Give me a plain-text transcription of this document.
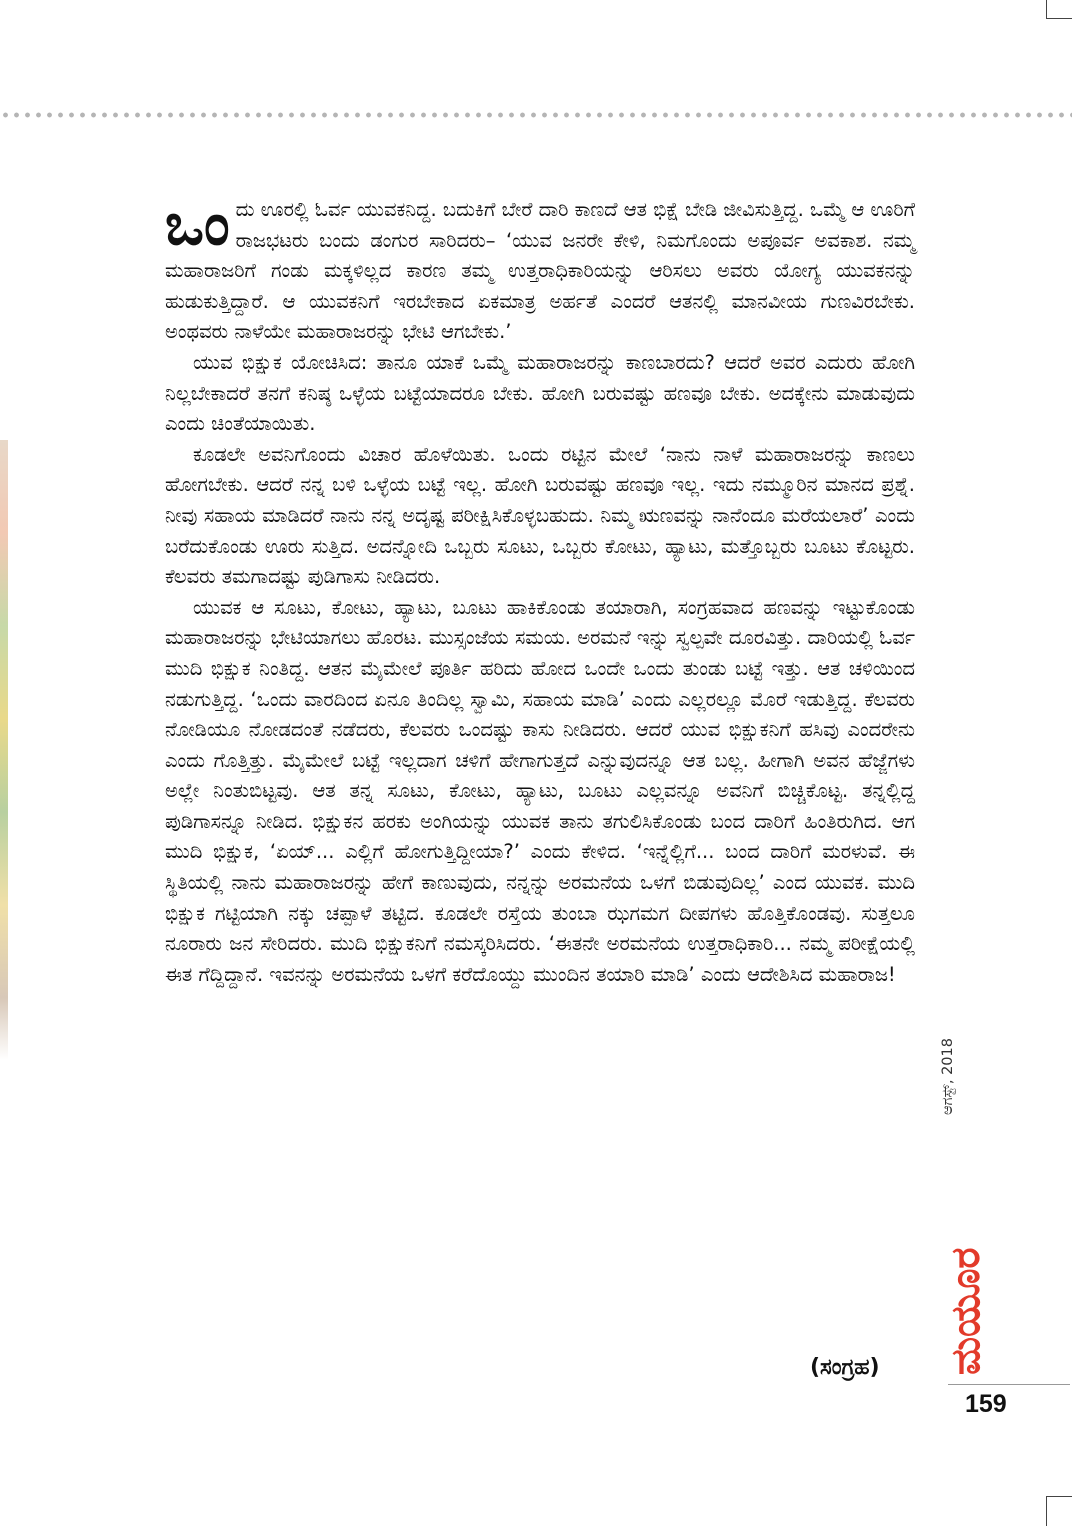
ಒಂದು ಊರಲ್ಲಿ ಓರ್ವ ಯುವಕನಿದ್ದ. ಬದುಕಿಗೆ ಬೇರೆ ದಾರಿ ಕಾಣದೆ ಆತ ಭಿಕ್ಷೆ ಬೇಡಿ ಜೀವಿಸುತ್ತಿದ್ದ. ಒಮ್ಮೆ ಆ ಊರಿಗೆ ರಾಜಭಟರು ಬಂದು ಡಂಗುರ ಸಾರಿದರು– ‘ಯುವ ಜನರೇ ಕೇಳಿ, ನಿಮಗೊಂದು ಅಪೂರ್ವ ಅವಕಾಶ. ನಮ್ಮ ಮಹಾರಾಜರಿಗೆ ಗಂಡು ಮಕ್ಕಳಿಲ್ಲದ ಕಾರಣ ತಮ್ಮ ಉತ್ತರಾಧಿಕಾರಿಯನ್ನು ಆರಿಸಲು ಅವರು ಯೋಗ್ಯ ಯುವಕನನ್ನು ಹುಡುಕುತ್ತಿದ್ದಾರೆ. ಆ ಯುವಕನಿಗೆ ಇರಬೇಕಾದ ಏಕಮಾತ್ರ ಅರ್ಹತೆ ಎಂದರೆ ಆತನಲ್ಲಿ ಮಾನವೀಯ ಗುಣವಿರಬೇಕು. ಅಂಥವರು ನಾಳೆಯೇ ಮಹಾರಾಜರನ್ನು ಭೇಟಿ ಆಗಬೇಕು.’

ಯುವ ಭಿಕ್ಷುಕ ಯೋಚಿಸಿದ: ತಾನೂ ಯಾಕೆ ಒಮ್ಮೆ ಮಹಾರಾಜರನ್ನು ಕಾಣಬಾರದು? ಆದರೆ ಅವರ ಎದುರು ಹೋಗಿ ನಿಲ್ಲಬೇಕಾದರೆ ತನಗೆ ಕನಿಷ್ಠ ಒಳ್ಳೆಯ ಬಟ್ಟೆಯಾದರೂ ಬೇಕು. ಹೋಗಿ ಬರುವಷ್ಟು ಹಣವೂ ಬೇಕು. ಅದಕ್ಕೇನು ಮಾಡುವುದು ಎಂದು ಚಿಂತೆಯಾಯಿತು.

ಕೂಡಲೇ ಅವನಿಗೊಂದು ವಿಚಾರ ಹೊಳೆಯಿತು. ಒಂದು ರಟ್ಟಿನ ಮೇಲೆ ‘ನಾನು ನಾಳೆ ಮಹಾರಾಜರನ್ನು ಕಾಣಲು ಹೋಗಬೇಕು. ಆದರೆ ನನ್ನ ಬಳಿ ಒಳ್ಳೆಯ ಬಟ್ಟೆ ಇಲ್ಲ. ಹೋಗಿ ಬರುವಷ್ಟು ಹಣವೂ ಇಲ್ಲ. ಇದು ನಮ್ಮೂರಿನ ಮಾನದ ಪ್ರಶ್ನೆ. ನೀವು ಸಹಾಯ ಮಾಡಿದರೆ ನಾನು ನನ್ನ ಅದೃಷ್ಟ ಪರೀಕ್ಷಿಸಿಕೊಳ್ಳಬಹುದು. ನಿಮ್ಮ ಋಣವನ್ನು ನಾನೆಂದೂ ಮರೆಯಲಾರೆ’ ಎಂದು ಬರೆದುಕೊಂಡು ಊರು ಸುತ್ತಿದ. ಅದನ್ನೋದಿ ಒಬ್ಬರು ಸೂಟು, ಒಬ್ಬರು ಕೋಟು, ಹ್ಯಾಟು, ಮತ್ತೊಬ್ಬರು ಬೂಟು ಕೊಟ್ಟರು. ಕೆಲವರು ತಮಗಾದಷ್ಟು ಪುಡಿಗಾಸು ನೀಡಿದರು.

ಯುವಕ ಆ ಸೂಟು, ಕೋಟು, ಹ್ಯಾಟು, ಬೂಟು ಹಾಕಿಕೊಂಡು ತಯಾರಾಗಿ, ಸಂಗ್ರಹವಾದ ಹಣವನ್ನು ಇಟ್ಟುಕೊಂಡು ಮಹಾರಾಜರನ್ನು ಭೇಟಿಯಾಗಲು ಹೊರಟ. ಮುಸ್ಸಂಜೆಯ ಸಮಯ. ಅರಮನೆ ಇನ್ನು ಸ್ವಲ್ಪವೇ ದೂರವಿತ್ತು. ದಾರಿಯಲ್ಲಿ ಓರ್ವ ಮುದಿ ಭಿಕ್ಷುಕ ನಿಂತಿದ್ದ. ಆತನ ಮೈಮೇಲೆ ಪೂರ್ತಿ ಹರಿದು ಹೋದ ಒಂದೇ ಒಂದು ತುಂಡು ಬಟ್ಟೆ ಇತ್ತು. ಆತ ಚಳಿಯಿಂದ ನಡುಗುತ್ತಿದ್ದ. ‘ಒಂದು ವಾರದಿಂದ ಏನೂ ತಿಂದಿಲ್ಲ ಸ್ವಾಮಿ, ಸಹಾಯ ಮಾಡಿ’ ಎಂದು ಎಲ್ಲರಲ್ಲೂ ಮೊರೆ ಇಡುತ್ತಿದ್ದ. ಕೆಲವರು ನೋಡಿಯೂ ನೋಡದಂತೆ ನಡೆದರು, ಕೆಲವರು ಒಂದಷ್ಟು ಕಾಸು ನೀಡಿದರು. ಆದರೆ ಯುವ ಭಿಕ್ಷುಕನಿಗೆ ಹಸಿವು ಎಂದರೇನು ಎಂದು ಗೊತ್ತಿತ್ತು. ಮೈಮೇಲೆ ಬಟ್ಟೆ ಇಲ್ಲದಾಗ ಚಳಿಗೆ ಹೇಗಾಗುತ್ತದೆ ಎನ್ನುವುದನ್ನೂ ಆತ ಬಲ್ಲ. ಹೀಗಾಗಿ ಅವನ ಹೆಜ್ಜೆಗಳು ಅಲ್ಲೇ ನಿಂತುಬಿಟ್ಟವು. ಆತ ತನ್ನ ಸೂಟು, ಕೋಟು, ಹ್ಯಾಟು, ಬೂಟು ಎಲ್ಲವನ್ನೂ ಅವನಿಗೆ ಬಿಚ್ಚಿಕೊಟ್ಟ. ತನ್ನಲ್ಲಿದ್ದ ಪುಡಿಗಾಸನ್ನೂ ನೀಡಿದ. ಭಿಕ್ಷುಕನ ಹರಕು ಅಂಗಿಯನ್ನು ಯುವಕ ತಾನು ತಗುಲಿಸಿಕೊಂಡು ಬಂದ ದಾರಿಗೆ ಹಿಂತಿರುಗಿದ. ಆಗ ಮುದಿ ಭಿಕ್ಷುಕ, ‘ಏಯ್... ಎಲ್ಲಿಗೆ ಹೋಗುತ್ತಿದ್ದೀಯಾ?’ ಎಂದು ಕೇಳಿದ. ‘ಇನ್ನೆಲ್ಲಿಗೆ... ಬಂದ ದಾರಿಗೆ ಮರಳುವೆ. ಈ ಸ್ಥಿತಿಯಲ್ಲಿ ನಾನು ಮಹಾರಾಜರನ್ನು ಹೇಗೆ ಕಾಣುವುದು, ನನ್ನನ್ನು ಅರಮನೆಯ ಒಳಗೆ ಬಿಡುವುದಿಲ್ಲ’ ಎಂದ ಯುವಕ. ಮುದಿ ಭಿಕ್ಷುಕ ಗಟ್ಟಿಯಾಗಿ ನಕ್ಕು ಚಪ್ಪಾಳೆ ತಟ್ಟಿದ. ಕೂಡಲೇ ರಸ್ತೆಯ ತುಂಬಾ ಝಗಮಗ ದೀಪಗಳು ಹೊತ್ತಿಕೊಂಡವು. ಸುತ್ತಲೂ ನೂರಾರು ಜನ ಸೇರಿದರು. ಮುದಿ ಭಿಕ್ಷುಕನಿಗೆ ನಮಸ್ಕರಿಸಿದರು. ‘ಈತನೇ ಅರಮನೆಯ ಉತ್ತರಾಧಿಕಾರಿ... ನಮ್ಮ ಪರೀಕ್ಷೆಯಲ್ಲಿ ಈತ ಗೆದ್ದಿದ್ದಾನೆ. ಇವನನ್ನು ಅರಮನೆಯ ಒಳಗೆ ಕರೆದೊಯ್ದು ಮುಂದಿನ ತಯಾರಿ ಮಾಡಿ’ ಎಂದು ಆದೇಶಿಸಿದ ಮಹಾರಾಜ!

(ಸಂಗ್ರಹ)
ಆಗಸ್ಟ್, 2018
ಮಯೂರ
159
